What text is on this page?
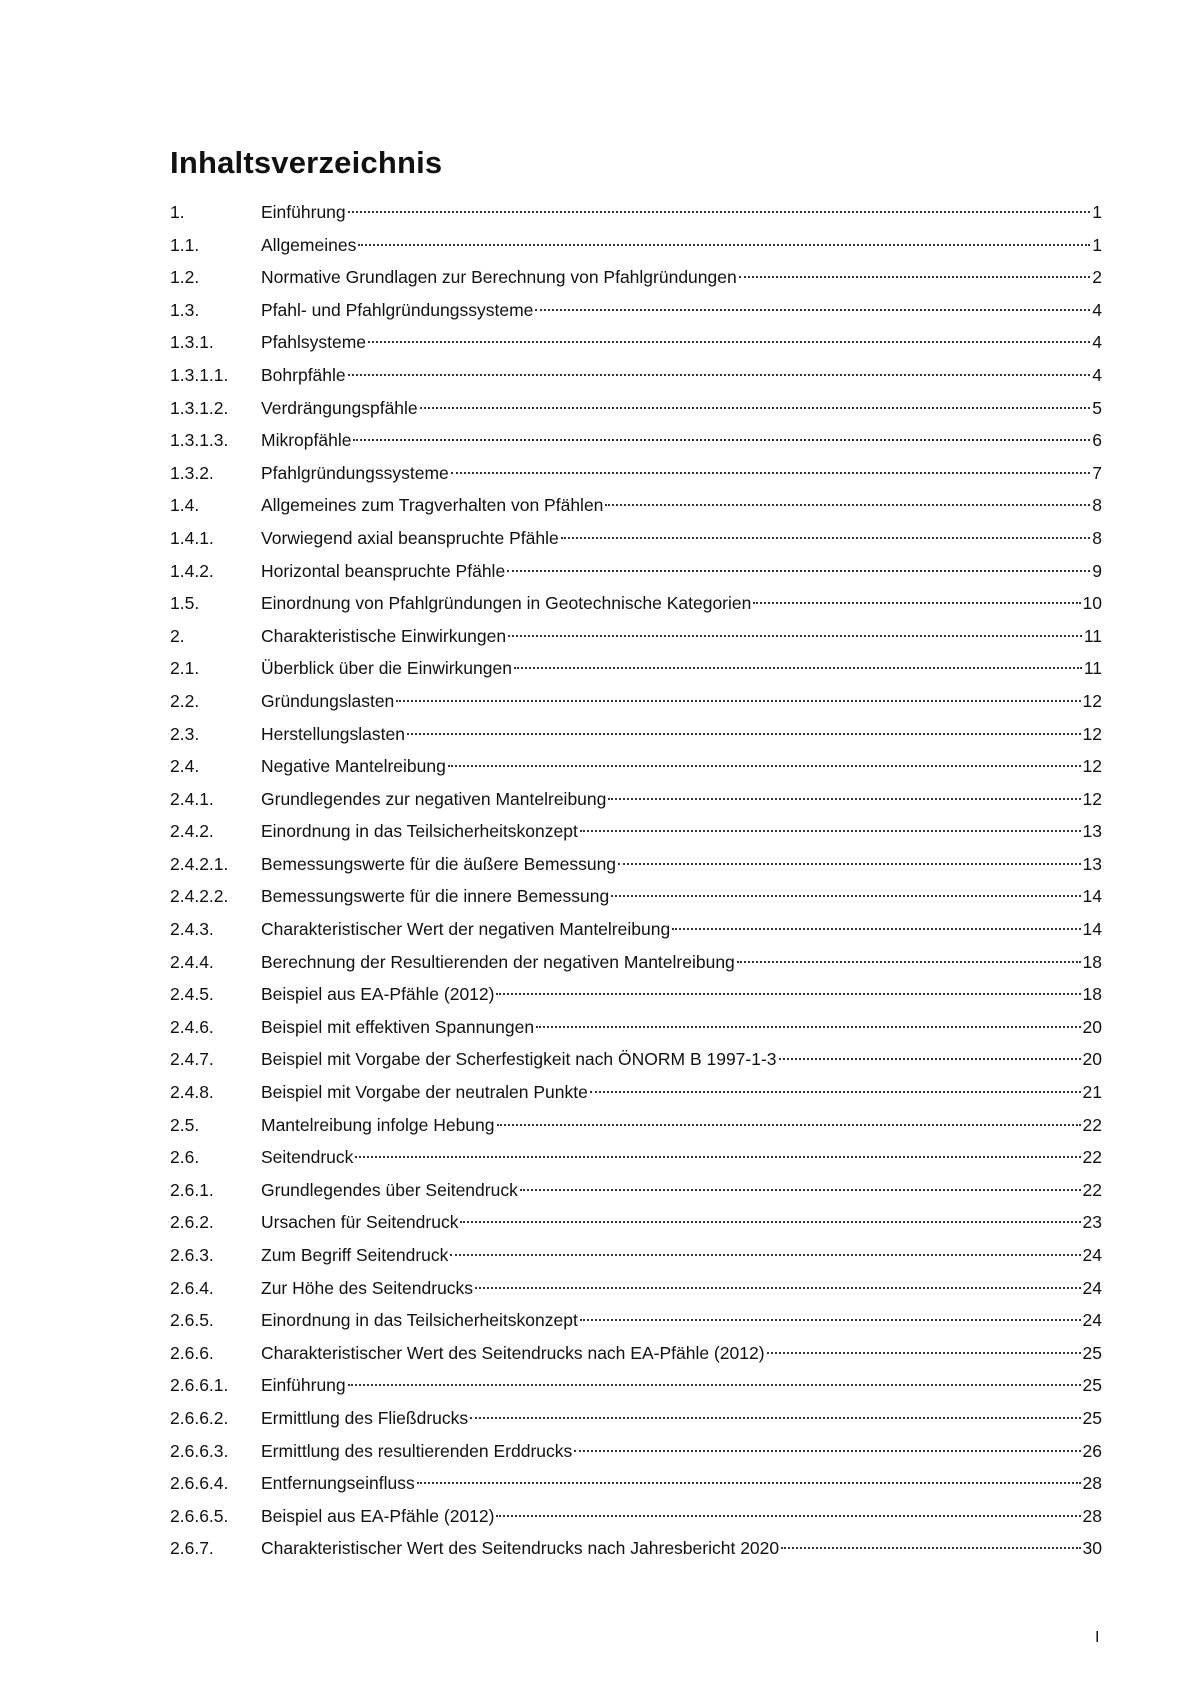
Inhaltsverzeichnis
1.	Einführung	1
1.1.	Allgemeines	1
1.2.	Normative Grundlagen zur Berechnung von Pfahlgründungen	2
1.3.	Pfahl- und Pfahlgründungssysteme	4
1.3.1.	Pfahlsysteme	4
1.3.1.1.	Bohrpfähle	4
1.3.1.2.	Verdrängungspfähle	5
1.3.1.3.	Mikropfähle	6
1.3.2.	Pfahlgründungssysteme	7
1.4.	Allgemeines zum Tragverhalten von Pfählen	8
1.4.1.	Vorwiegend axial beanspruchte Pfähle	8
1.4.2.	Horizontal beanspruchte Pfähle	9
1.5.	Einordnung von Pfahlgründungen in Geotechnische Kategorien	10
2.	Charakteristische Einwirkungen	11
2.1.	Überblick über die Einwirkungen	11
2.2.	Gründungslasten	12
2.3.	Herstellungslasten	12
2.4.	Negative Mantelreibung	12
2.4.1.	Grundlegendes zur negativen Mantelreibung	12
2.4.2.	Einordnung in das Teilsicherheitskonzept	13
2.4.2.1.	Bemessungswerte für die äußere Bemessung	13
2.4.2.2.	Bemessungswerte für die innere Bemessung	14
2.4.3.	Charakteristischer Wert der negativen Mantelreibung	14
2.4.4.	Berechnung der Resultierenden der negativen Mantelreibung	18
2.4.5.	Beispiel aus EA-Pfähle (2012)	18
2.4.6.	Beispiel mit effektiven Spannungen	20
2.4.7.	Beispiel mit Vorgabe der Scherfestigkeit nach ÖNORM B 1997-1-3	20
2.4.8.	Beispiel mit Vorgabe der neutralen Punkte	21
2.5.	Mantelreibung infolge Hebung	22
2.6.	Seitendruck	22
2.6.1.	Grundlegendes über Seitendruck	22
2.6.2.	Ursachen für Seitendruck	23
2.6.3.	Zum Begriff Seitendruck	24
2.6.4.	Zur Höhe des Seitendrucks	24
2.6.5.	Einordnung in das Teilsicherheitskonzept	24
2.6.6.	Charakteristischer Wert des Seitendrucks nach EA-Pfähle (2012)	25
2.6.6.1.	Einführung	25
2.6.6.2.	Ermittlung des Fließdrucks	25
2.6.6.3.	Ermittlung des resultierenden Erddrucks	26
2.6.6.4.	Entfernungseinfluss	28
2.6.6.5.	Beispiel aus EA-Pfähle (2012)	28
2.6.7.	Charakteristischer Wert des Seitendrucks nach Jahresbericht 2020	30
I
